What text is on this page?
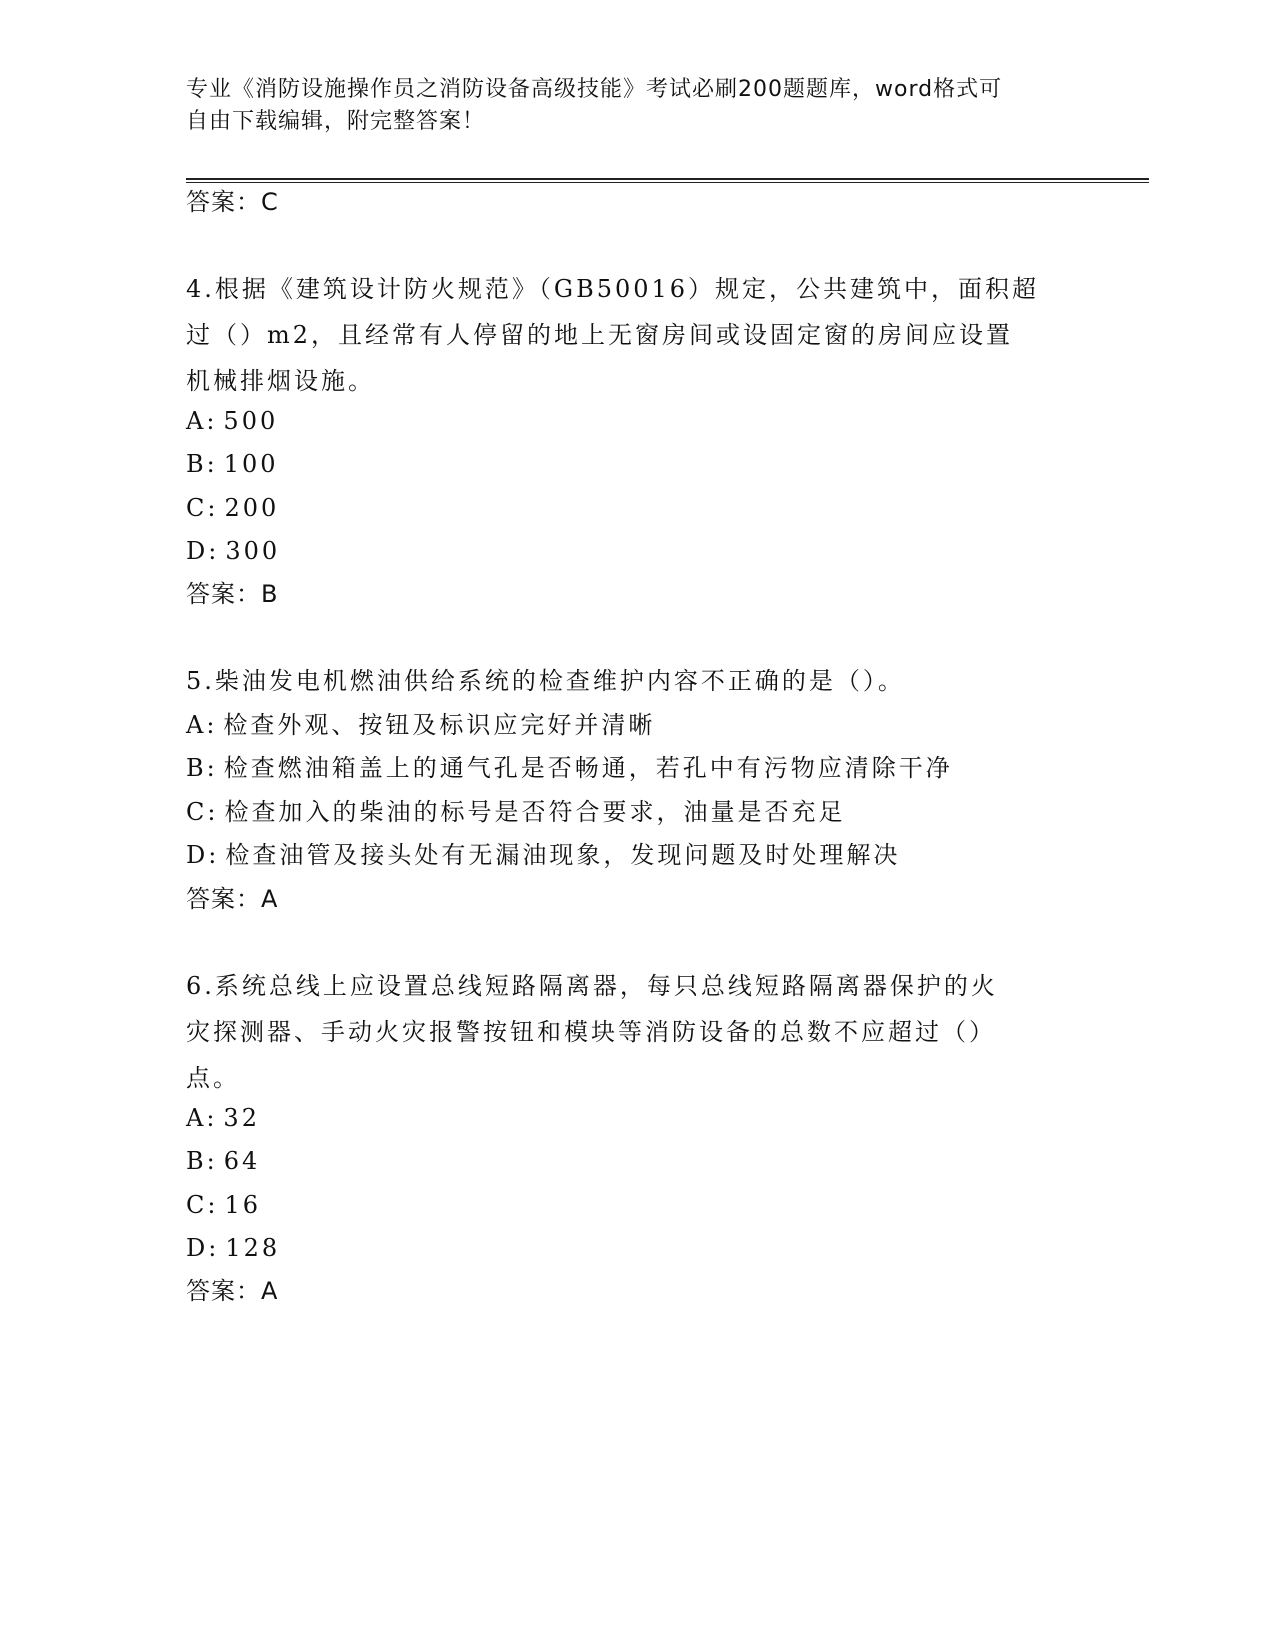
专业《消防设施操作员之消防设备高级技能》考试必刷200题题库，word格式可
自由下载编辑，附完整答案！
答案：C
4.根据《建筑设计防火规范》（GB50016）规定，公共建筑中，面积超
过（）m2，且经常有人停留的地上无窗房间或设固定窗的房间应设置
机械排烟设施。
A: 500
B: 100
C: 200
D: 300
答案：B
5.柴油发电机燃油供给系统的检查维护内容不正确的是（）。
A: 检查外观、按钮及标识应完好并清晰
B: 检查燃油箱盖上的通气孔是否畅通，若孔中有污物应清除干净
C: 检查加入的柴油的标号是否符合要求，油量是否充足
D: 检查油管及接头处有无漏油现象，发现问题及时处理解决
答案：A
6.系统总线上应设置总线短路隔离器，每只总线短路隔离器保护的火
灾探测器、手动火灾报警按钮和模块等消防设备的总数不应超过（）
点。
A: 32
B: 64
C: 16
D: 128
答案：A
